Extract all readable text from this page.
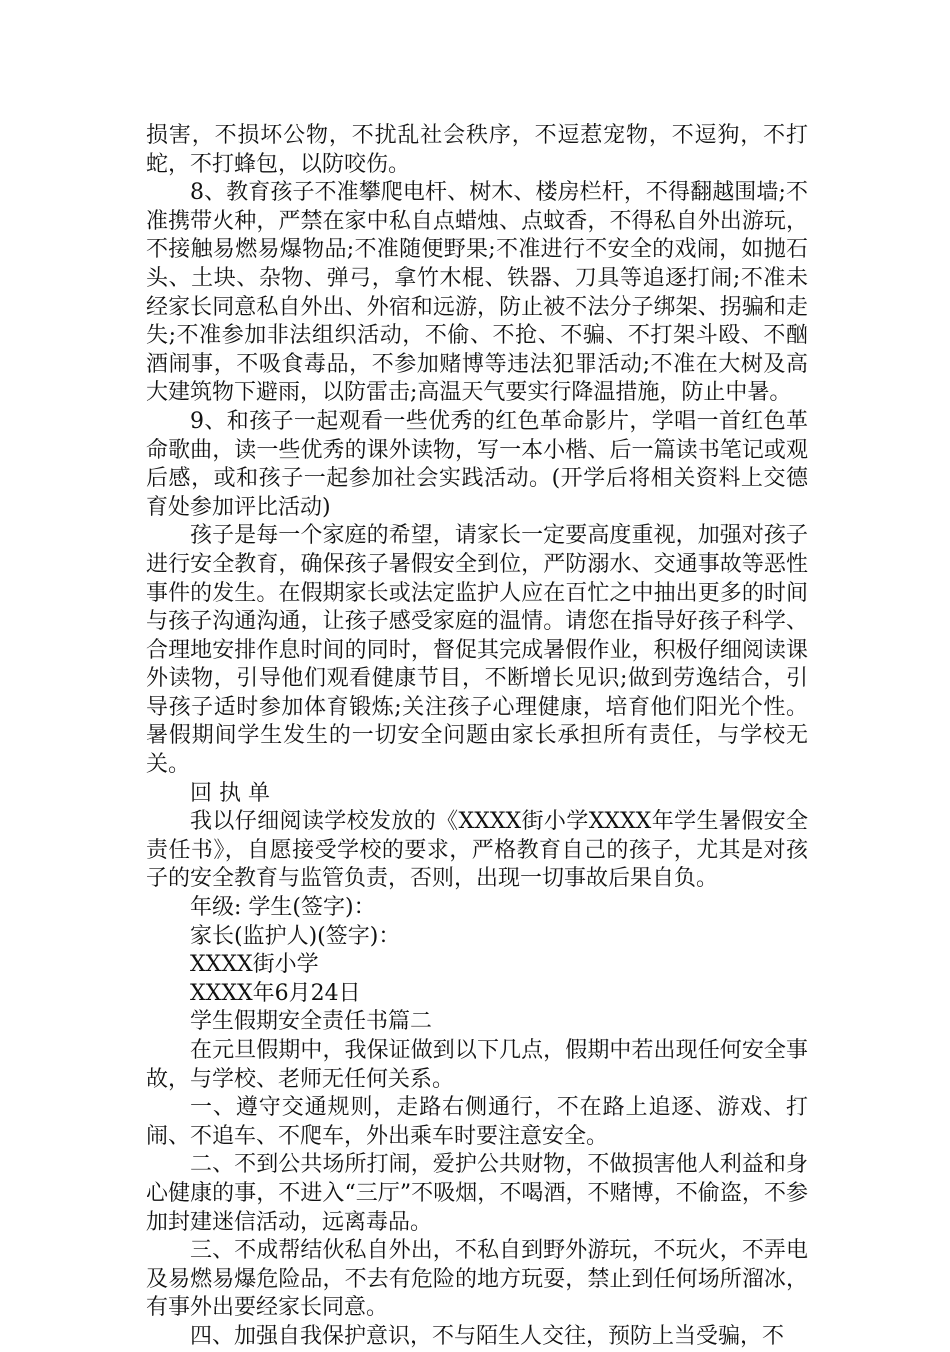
损害，不损坏公物，不扰乱社会秩序，不逗惹宠物，不逗狗，不打蛇，不打蜂包，以防咬伤。

8、教育孩子不准攀爬电杆、树木、楼房栏杆，不得翻越围墙;不准携带火种，严禁在家中私自点蜡烛、点蚊香，不得私自外出游玩，不接触易燃易爆物品;不准随便野果;不准进行不安全的戏闹，如抛石头、土块、杂物、弹弓，拿竹木棍、铁器、刀具等追逐打闹;不准未经家长同意私自外出、外宿和远游，防止被不法分子绑架、拐骗和走失;不准参加非法组织活动，不偷、不抢、不骗、不打架斗殴、不酗酒闹事，不吸食毒品，不参加赌博等违法犯罪活动;不准在大树及高大建筑物下避雨，以防雷击;高温天气要实行降温措施，防止中暑。

9、和孩子一起观看一些优秀的红色革命影片，学唱一首红色革命歌曲，读一些优秀的课外读物，写一本小楷、后一篇读书笔记或观后感，或和孩子一起参加社会实践活动。(开学后将相关资料上交德育处参加评比活动)

孩子是每一个家庭的希望，请家长一定要高度重视，加强对孩子进行安全教育，确保孩子暑假安全到位，严防溺水、交通事故等恶性事件的发生。在假期家长或法定监护人应在百忙之中抽出更多的时间与孩子沟通沟通，让孩子感受家庭的温情。请您在指导好孩子科学、合理地安排作息时间的同时，督促其完成暑假作业，积极仔细阅读课外读物，引导他们观看健康节目，不断增长见识;做到劳逸结合，引导孩子适时参加体育锻炼;关注孩子心理健康，培育他们阳光个性。暑假期间学生发生的一切安全问题由家长承担所有责任，与学校无关。

回 执 单

我以仔细阅读学校发放的《XXXX街小学XXXX年学生暑假安全责任书》，自愿接受学校的要求，严格教育自己的孩子，尤其是对孩子的安全教育与监管负责，否则，出现一切事故后果自负。

年级: 学生(签字)：

家长(监护人)(签字)：

XXXX街小学

XXXX年6月24日

学生假期安全责任书篇二

在元旦假期中，我保证做到以下几点，假期中若出现任何安全事故，与学校、老师无任何关系。

一、遵守交通规则，走路右侧通行，不在路上追逐、游戏、打闹、不追车、不爬车，外出乘车时要注意安全。

二、不到公共场所打闹，爱护公共财物，不做损害他人利益和身心健康的事，不进入“三厅”不吸烟，不喝酒，不赌博，不偷盗，不参加封建迷信活动，远离毒品。

三、不成帮结伙私自外出，不私自到野外游玩，不玩火，不弄电及易燃易爆危险品，不去有危险的地方玩耍，禁止到任何场所溜冰，有事外出要经家长同意。

四、加强自我保护意识，不与陌生人交往，预防上当受骗，不
